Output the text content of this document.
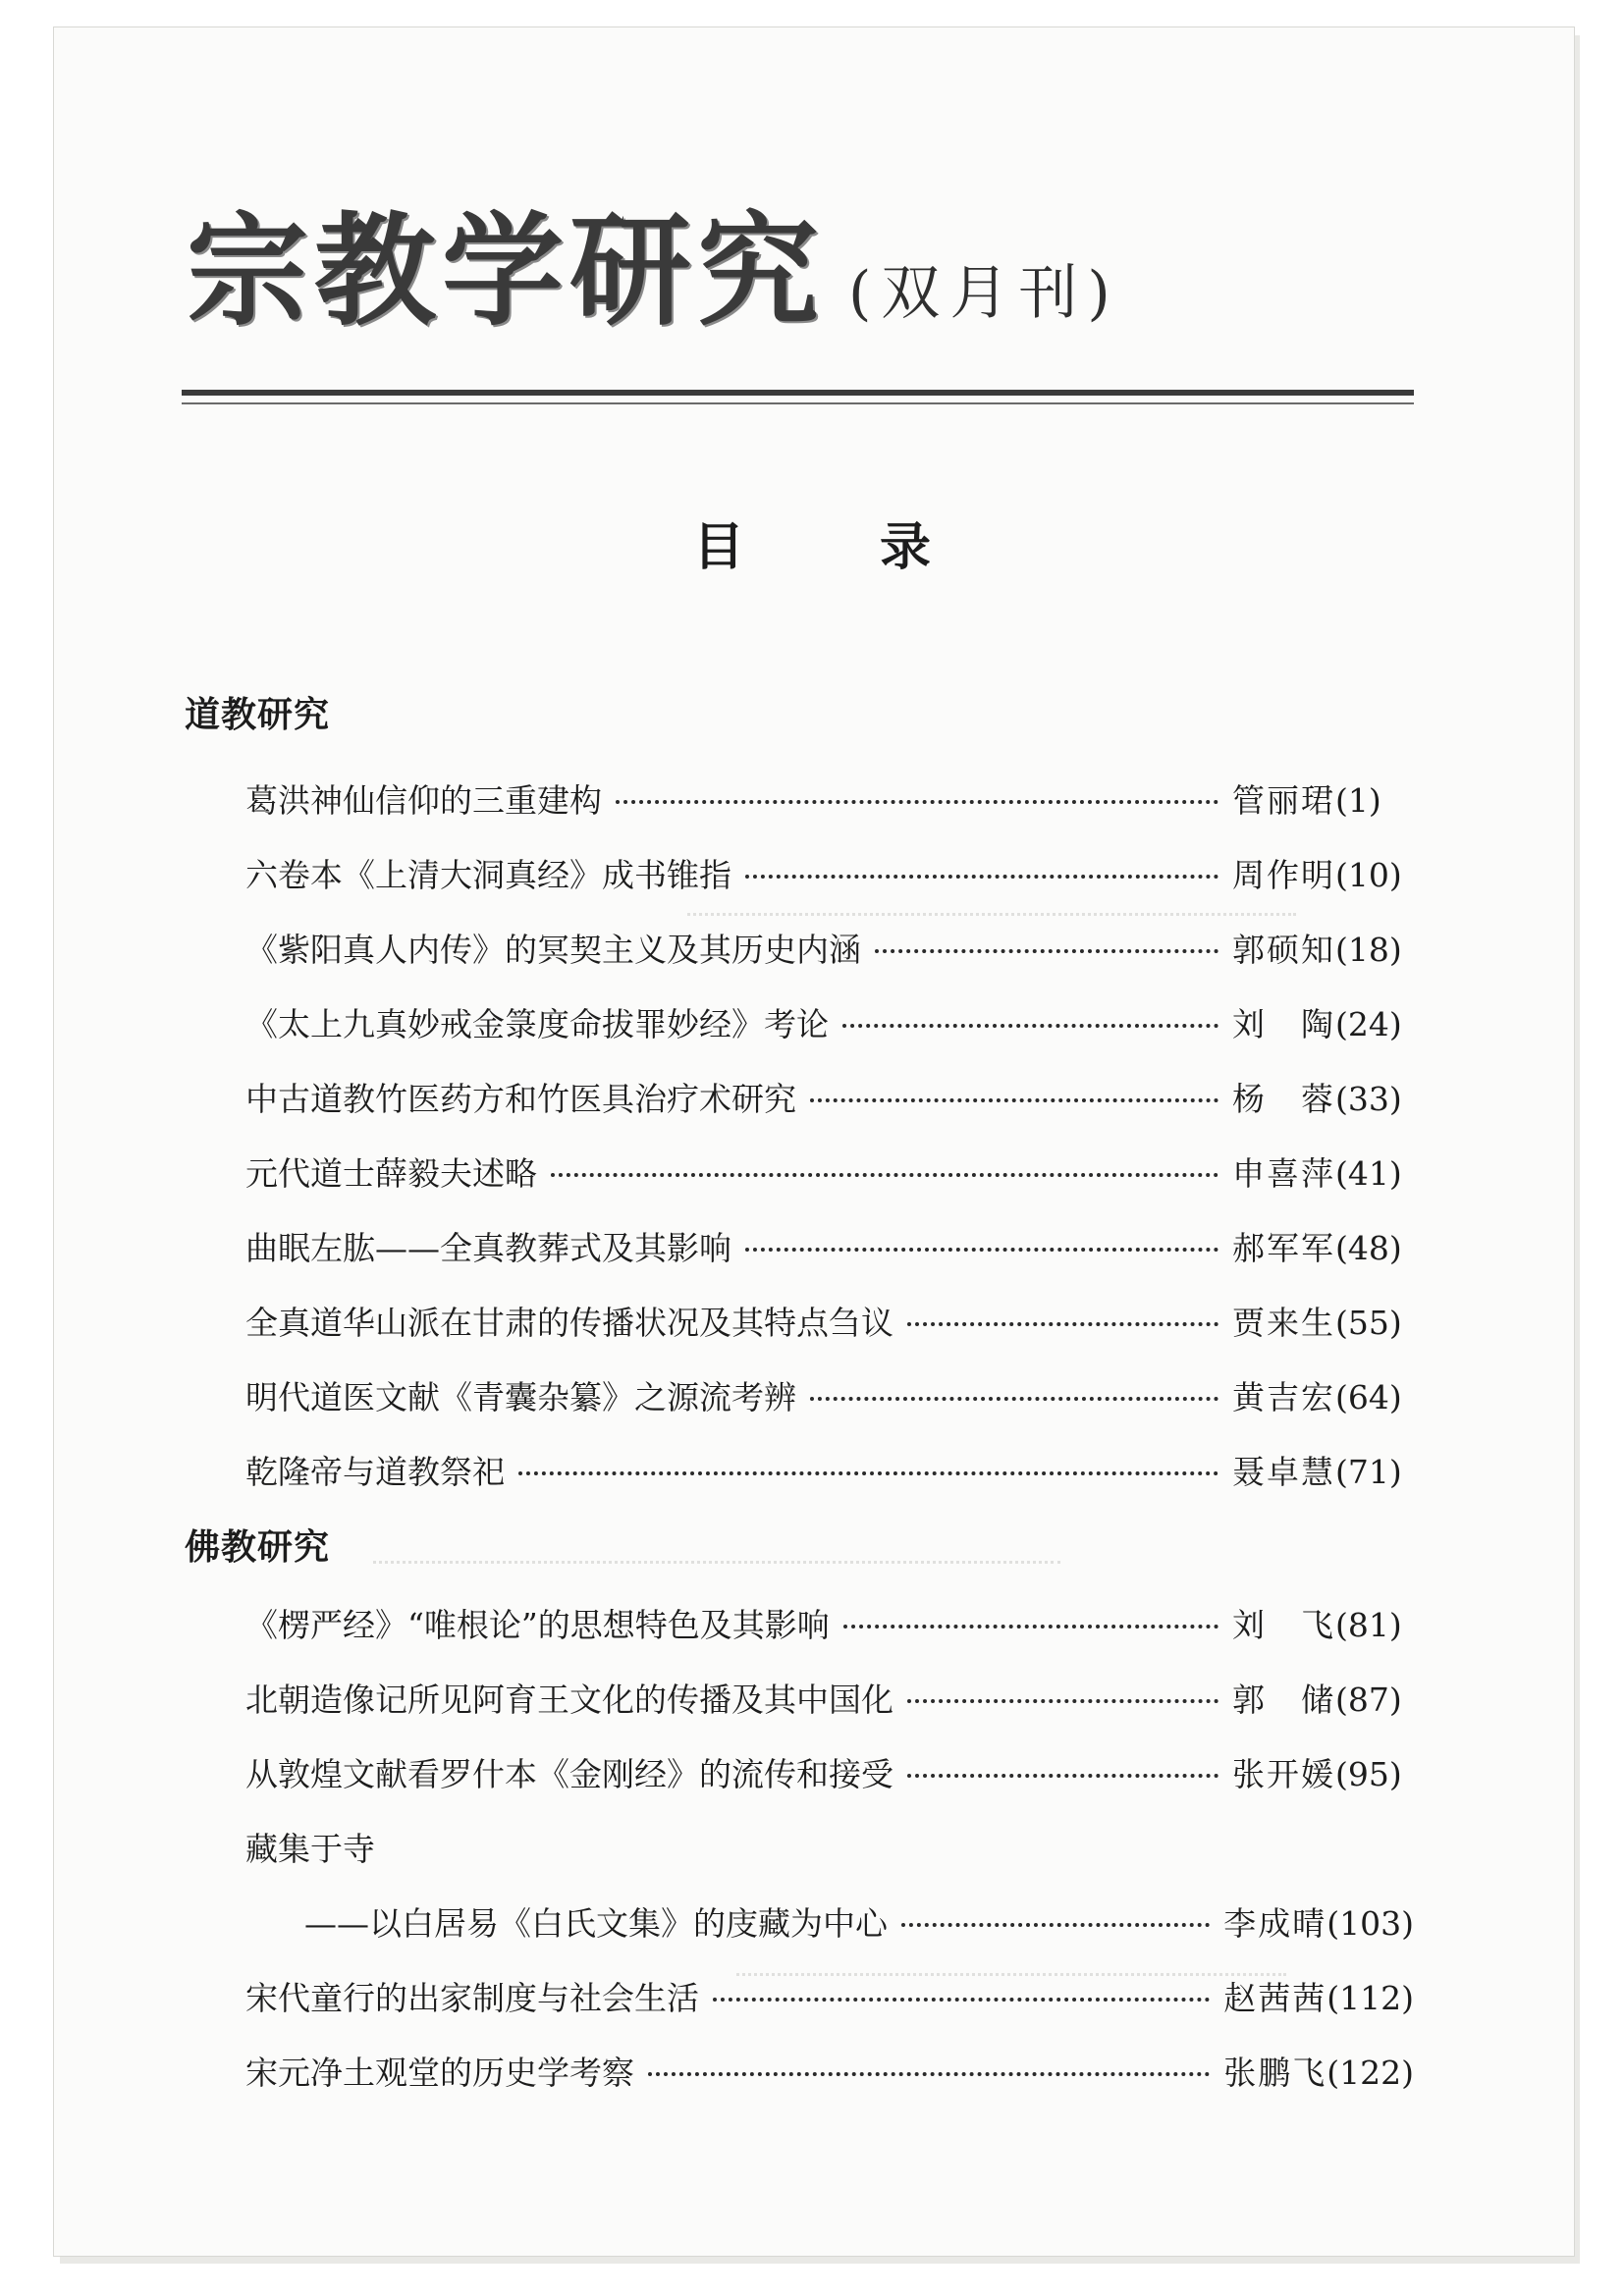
宗教学研究 (双月刊)
目 录
道教研究
葛洪神仙信仰的三重建构	管丽珺 ( 1 )
六卷本《上清大洞真经》成书锥指	周作明 ( 10 )
《紫阳真人内传》的冥契主义及其历史内涵	郭硕知 ( 18 )
《太上九真妙戒金箓度命拔罪妙经》考论	刘　陶 ( 24 )
中古道教竹医药方和竹医具治疗术研究	杨　蓉 ( 33 )
元代道士薛毅夫述略	申喜萍 ( 41 )
曲眠左肱——全真教葬式及其影响	郝军军 ( 48 )
全真道华山派在甘肃的传播状况及其特点刍议	贾来生 ( 55 )
明代道医文献《青囊杂纂》之源流考辨	黄吉宏 ( 64 )
乾隆帝与道教祭祀	聂卓慧 ( 71 )
佛教研究
《楞严经》“唯根论”的思想特色及其影响	刘　飞 ( 81 )
北朝造像记所见阿育王文化的传播及其中国化	郭　储 ( 87 )
从敦煌文献看罗什本《金刚经》的流传和接受	张开媛 ( 95 )
藏集于寺
——以白居易《白氏文集》的庋藏为中心	李成晴 ( 103 )
宋代童行的出家制度与社会生活	赵茜茜 ( 112 )
宋元净土观堂的历史学考察	张鹏飞 ( 122 )
